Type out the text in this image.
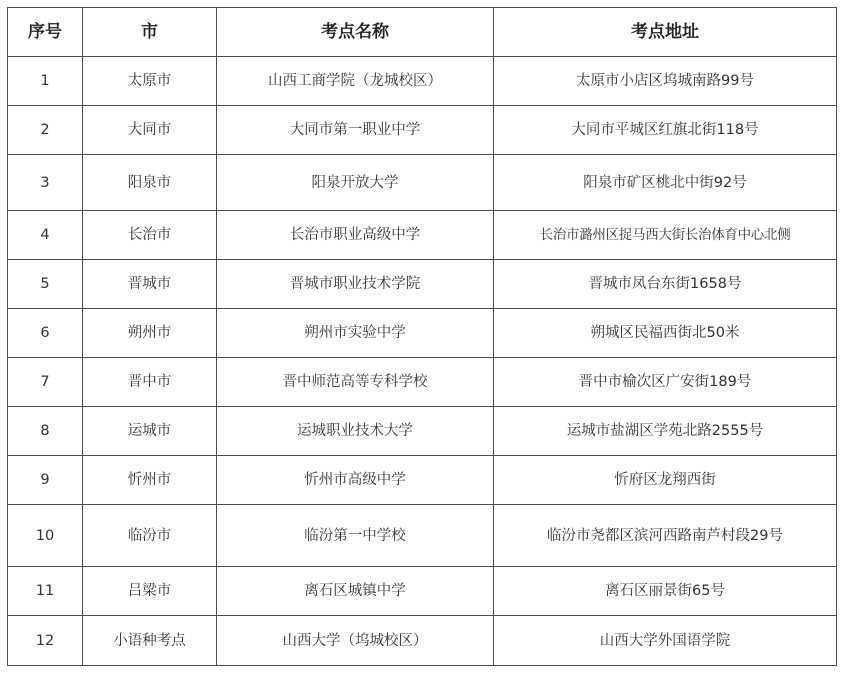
序号	市	考点名称	考点地址
1	太原市	山西工商学院（龙城校区）	太原市小店区坞城南路99号
2	大同市	大同市第一职业中学	大同市平城区红旗北街118号
3	阳泉市	阳泉开放大学	阳泉市矿区桃北中街92号
4	长治市	长治市职业高级中学	长治市潞州区捉马西大街长治体育中心北侧
5	晋城市	晋城市职业技术学院	晋城市凤台东街1658号
6	朔州市	朔州市实验中学	朔城区民福西街北50米
7	晋中市	晋中师范高等专科学校	晋中市榆次区广安街189号
8	运城市	运城职业技术大学	运城市盐湖区学苑北路2555号
9	忻州市	忻州市高级中学	忻府区龙翔西街
10	临汾市	临汾第一中学校	临汾市尧都区滨河西路南芦村段29号
11	吕梁市	离石区城镇中学	离石区丽景街65号
12	小语种考点	山西大学（坞城校区）	山西大学外国语学院
